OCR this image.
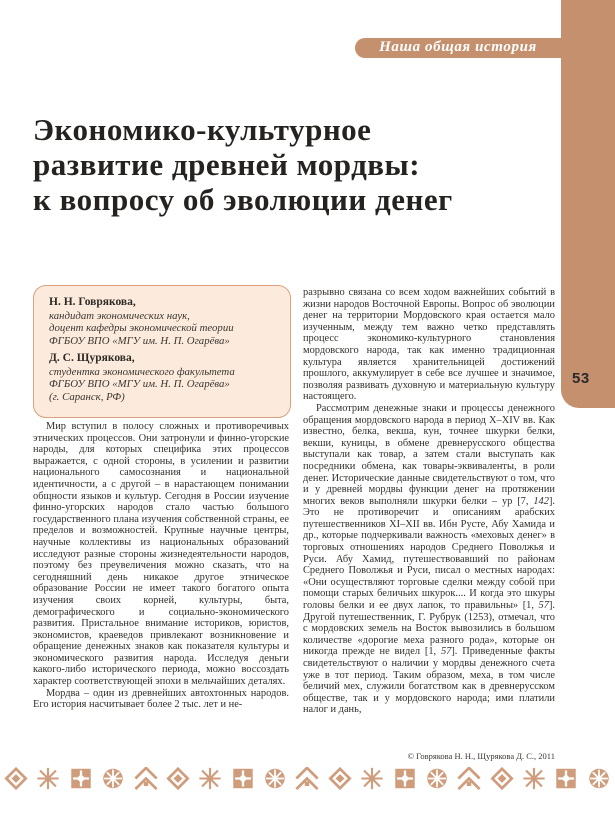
53
Наша общая история
Экономико-культурное
развитие древней мордвы:
к вопросу об эволюции денег
Н. Н. Говрякова,
кандидат экономических наук,
доцент кафедры экономической теории
ФГБОУ ВПО «МГУ им. Н. П. Огарёва»
Д. С. Щурякова,
студентка экономического факультета
ФГБОУ ВПО «МГУ им. Н. П. Огарёва»
(г. Саранск, РФ)

Мир вступил в полосу сложных и противоречивых этнических процессов. Они затронули и финно-угорские народы, для которых специфика этих процессов выражается, с одной стороны, в усилении и развитии национального самосознания и национальной идентичности, а с другой – в нарастающем понимании общности языков и культур. Сегодня в России изучение финно-угорских народов стало частью большого государственного плана изучения собственной страны, ее пределов и возможностей. Крупные научные центры, научные коллективы из национальных образований исследуют разные стороны жизнедеятельности народов, поэтому без преувеличения можно сказать, что на сегодняшний день никакое другое этническое образование России не имеет такого богатого опыта изучения своих корней, культуры, быта, демографического и социально-экономического развития. Пристальное внимание историков, юристов, экономистов, краеведов привлекают возникновение и обращение денежных знаков как показателя культуры и экономического развития народа. Исследуя деньги какого-либо исторического периода, можно воссоздать характер соответствующей эпохи в мельчайших деталях.

Мордва – один из древнейших автохтонных народов. Его история насчитывает более 2 тыс. лет и не-

разрывно связана со всем ходом важнейших событий в жизни народов Восточной Европы. Вопрос об эволюции денег на территории Мордовского края остается мало изученным, между тем важно четко представлять процесс экономико-культурного становления мордовского народа, так как именно традиционная культура является хранительницей достижений прошлого, аккумулирует в себе все лучшее и значимое, позволяя развивать духовную и материальную культуру настоящего.

Рассмотрим денежные знаки и процессы денежного обращения мордовского народа в период X–XIV вв. Как известно, белка, векша, кун, точнее шкурки белки, векши, куницы, в обмене древнерусского общества выступали как товар, а затем стали выступать как посредники обмена, как товары-эквиваленты, в роли денег. Исторические данные свидетельствуют о том, что и у древней мордвы функции денег на протяжении многих веков выполняли шкурки белки – ур [7, 142]. Это не противоречит и описаниям арабских путешественников XI–XII вв. Ибн Русте, Абу Хамида и др., которые подчеркивали важность «меховых денег» в торговых отношениях народов Среднего Поволжья и Руси. Абу Хамид, путешествовавший по районам Среднего Поволжья и Руси, писал о местных народах: «Они осуществляют торговые сделки между собой при помощи старых беличьих шкурок.... И когда это шкуры головы белки и ее двух лапок, то правильны» [1, 57]. Другой путешественник, Г. Рубрук (1253), отмечал, что с мордовских земель на Восток вывозились в большом количестве «дорогие меха разного рода», которые он никогда прежде не видел [1, 57]. Приведенные факты свидетельствуют о наличии у мордвы денежного счета уже в тот период. Таким образом, меха, в том числе беличий мех, служили богатством как в древнерусском обществе, так и у мордовского народа; ими платили налог и дань,

© Говрякова Н. Н., Щурякова Д. С., 2011
